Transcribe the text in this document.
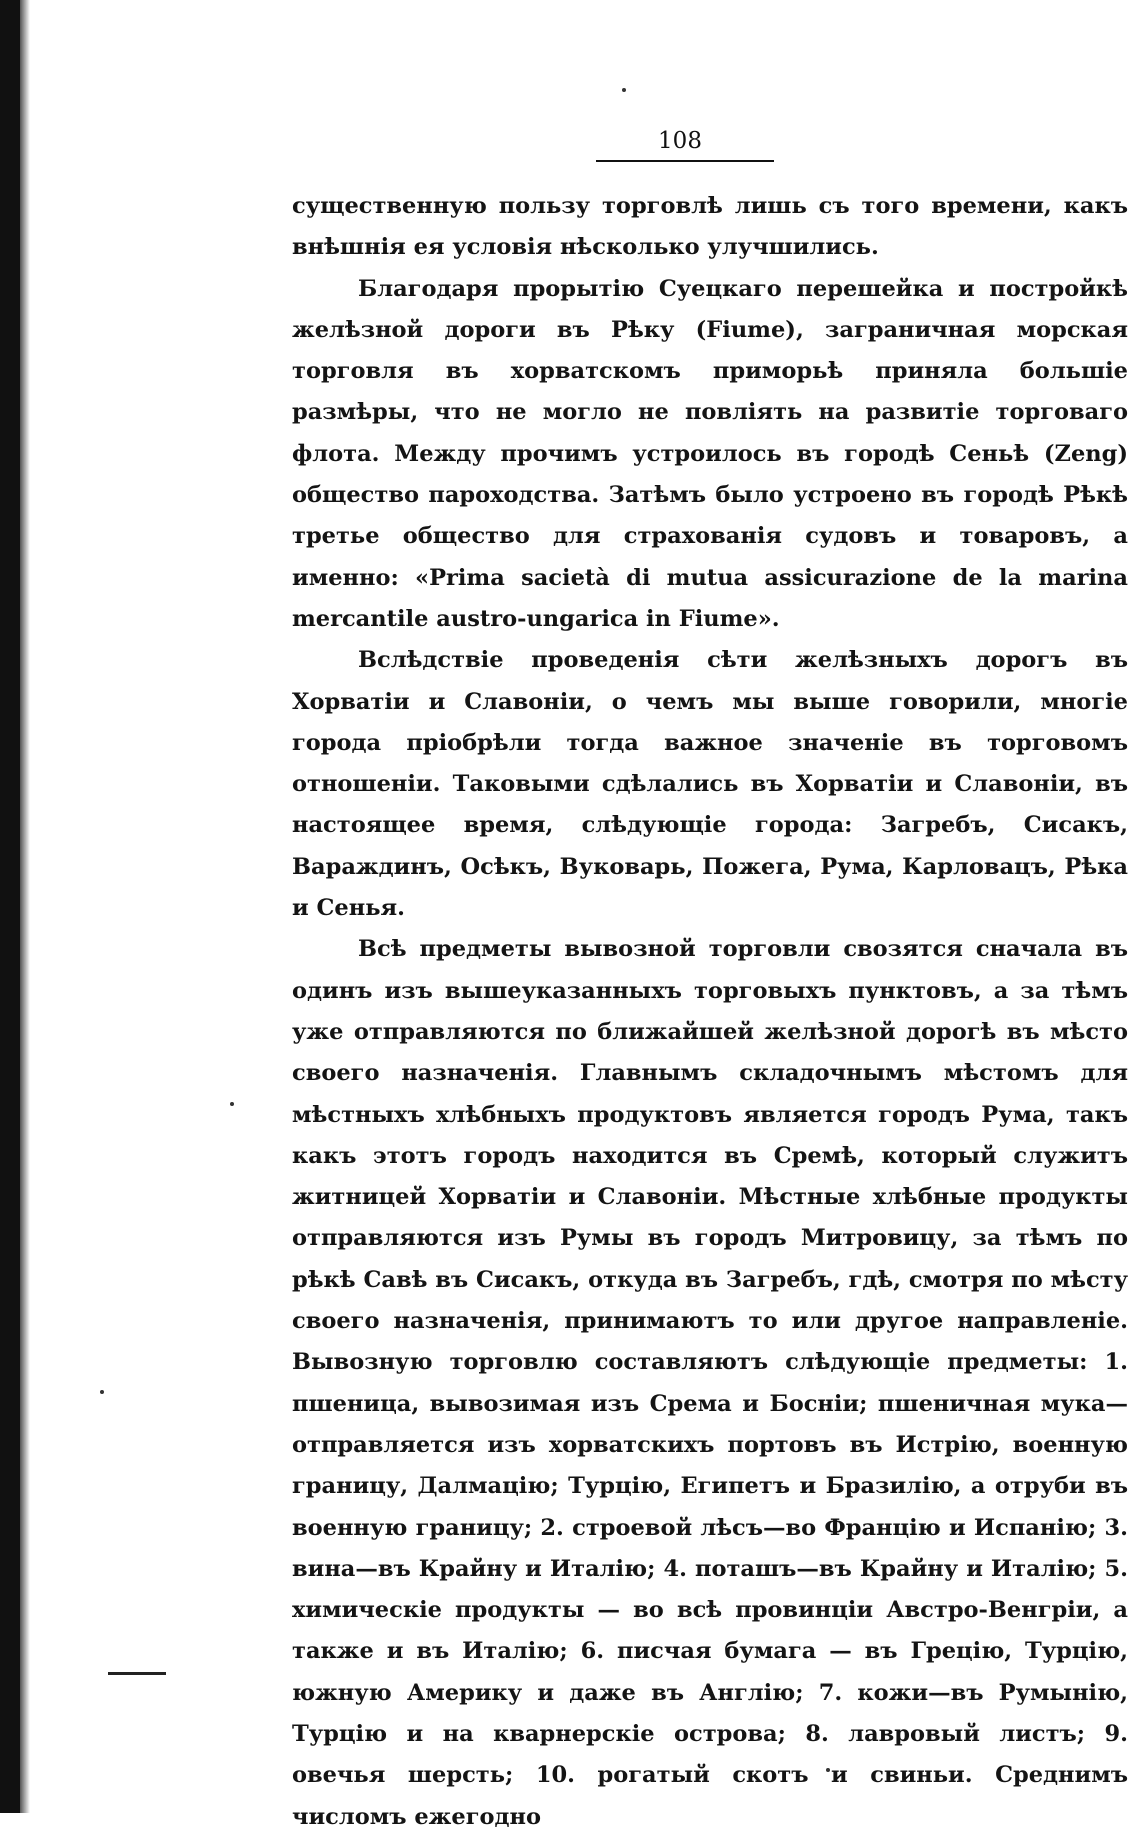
108

существенную пользу торговлѣ лишь съ того времени, какъ внѣшнія ея условія нѣсколько улучшились.

Благодаря прорытію Суецкаго перешейка и постройкѣ желѣзной дороги въ Рѣку (Fiume), заграничная морская торговля въ хорватскомъ приморьѣ приняла большіе размѣры, что не могло не повліять на развитіе торговаго флота. Между прочимъ устроилось въ городѣ Сеньѣ (Zeng) общество пароходства. Затѣмъ было устроено въ городѣ Рѣкѣ третье общество для страхованія судовъ и товаровъ, а именно: «Prima sacietà di mutua assicurazione de la marina mercantile austro-ungarica in Fiume».

Вслѣдствіе проведенія сѣти желѣзныхъ дорогъ въ Хорватіи и Славоніи, о чемъ мы выше говорили, многіе города пріобрѣли тогда важное значеніе въ торговомъ отношеніи. Таковыми сдѣлались въ Хорватіи и Славоніи, въ настоящее время, слѣдующіе города: Загребъ, Сисакъ, Вараждинъ, Осѣкъ, Вуковарь, Пожега, Рума, Карловацъ, Рѣка и Сенья.

Всѣ предметы вывозной торговли свозятся сначала въ одинъ изъ вышеуказанныхъ торговыхъ пунктовъ, а за тѣмъ уже отправляются по ближайшей желѣзной дорогѣ въ мѣсто своего назначенія. Главнымъ складочнымъ мѣстомъ для мѣстныхъ хлѣбныхъ продуктовъ является городъ Рума, такъ какъ этотъ городъ находится въ Сремѣ, который служитъ житницей Хорватіи и Славоніи. Мѣстные хлѣбные продукты отправляются изъ Румы въ городъ Митровицу, за тѣмъ по рѣкѣ Савѣ въ Сисакъ, откуда въ Загребъ, гдѣ, смотря по мѣсту своего назначенія, принимаютъ то или другое направленіе. Вывозную торговлю составляютъ слѣдующіе предметы: 1. пшеница, вывозимая изъ Срема и Босніи; пшеничная мука—отправляется изъ хорватскихъ портовъ въ Истрію, военную границу, Далмацію; Турцію, Египетъ и Бразилію, а отруби въ военную границу; 2. строевой лѣсъ—во Францію и Испанію; 3. вина—въ Крайну и Италію; 4. поташъ—въ Крайну и Италію; 5. химическіе продукты — во всѣ провинціи Австро-Венгріи, а также и въ Италію; 6. писчая бумага — въ Грецію, Турцію, южную Америку и даже въ Англію; 7. кожи—въ Румынію, Турцію и на кварнерскіе острова; 8. лавровый листъ; 9. овечья шерсть; 10. рогатый скотъ и свиньи. Среднимъ числомъ ежегодно
